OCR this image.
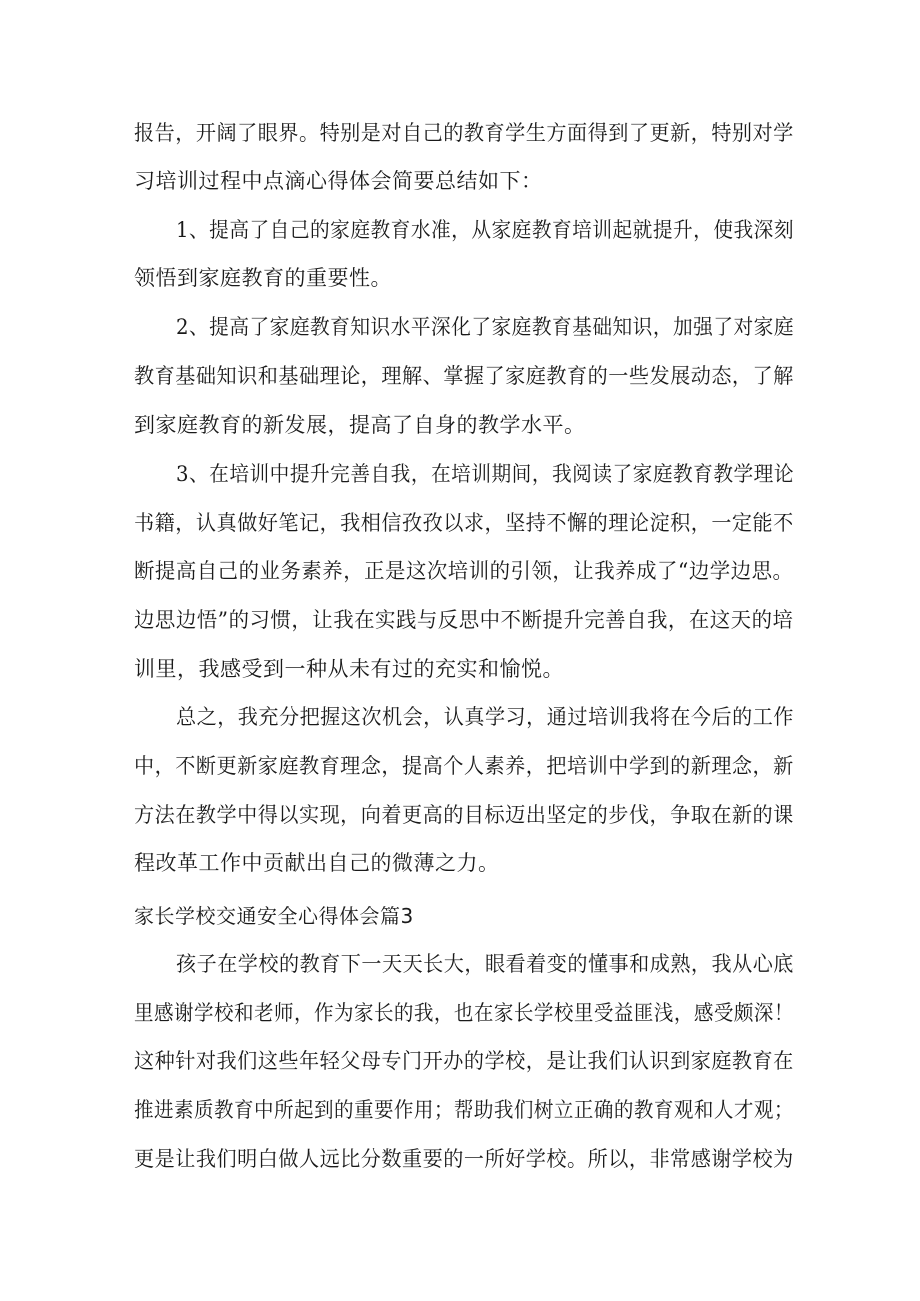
报告，开阔了眼界。特别是对自己的教育学生方面得到了更新，特别对学
习培训过程中点滴心得体会简要总结如下：
1、提高了自己的家庭教育水准，从家庭教育培训起就提升，使我深刻
领悟到家庭教育的重要性。
2、提高了家庭教育知识水平深化了家庭教育基础知识，加强了对家庭
教育基础知识和基础理论，理解、掌握了家庭教育的一些发展动态，了解
到家庭教育的新发展，提高了自身的教学水平。
3、在培训中提升完善自我，在培训期间，我阅读了家庭教育教学理论
书籍，认真做好笔记，我相信孜孜以求，坚持不懈的理论淀积，一定能不
断提高自己的业务素养，正是这次培训的引领，让我养成了“边学边思。
边思边悟”的习惯，让我在实践与反思中不断提升完善自我，在这天的培
训里，我感受到一种从未有过的充实和愉悦。
总之，我充分把握这次机会，认真学习，通过培训我将在今后的工作
中，不断更新家庭教育理念，提高个人素养，把培训中学到的新理念，新
方法在教学中得以实现，向着更高的目标迈出坚定的步伐，争取在新的课
程改革工作中贡献出自己的微薄之力。
家长学校交通安全心得体会篇3
孩子在学校的教育下一天天长大，眼看着变的懂事和成熟，我从心底
里感谢学校和老师，作为家长的我，也在家长学校里受益匪浅，感受颇深！
这种针对我们这些年轻父母专门开办的学校，是让我们认识到家庭教育在
推进素质教育中所起到的重要作用；帮助我们树立正确的教育观和人才观；
更是让我们明白做人远比分数重要的一所好学校。所以，非常感谢学校为
